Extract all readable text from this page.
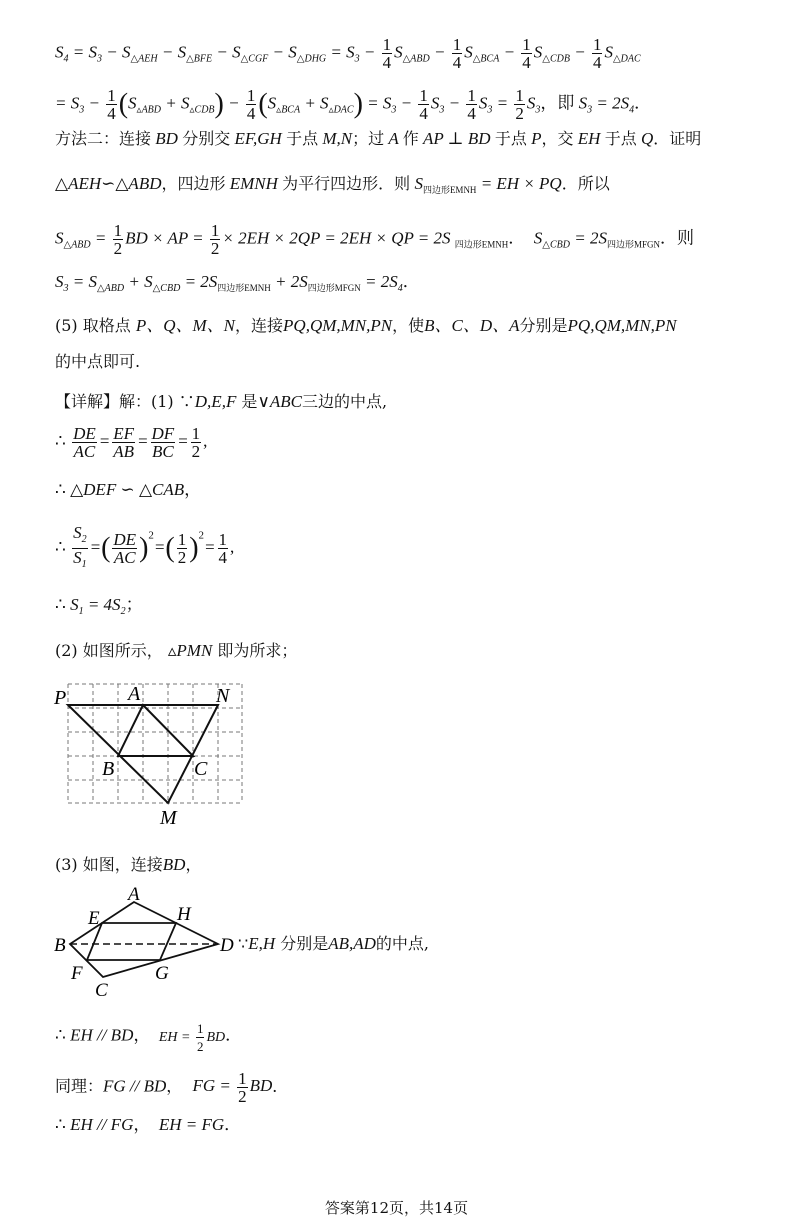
$S_4 = S_3 - S_{\triangle AEH} - S_{\triangle BFE} - S_{\triangle CGF} - S_{\triangle DHG} = S_3 - \frac{1}{4} S_{\triangle ABD} - \frac{1}{4} S_{\triangle BCA} - \frac{1}{4} S_{\triangle CDB} - \frac{1}{4} S_{\triangle DAC}$
= $S_3 - \frac{1}{4} (S_{▵ABD} + S_{▵CDB}) - \frac{1}{4} (S_{▵BCA} + S_{▵DAC}) = S_3 - \frac{1}{4} S_3 - \frac{1}{4} S_3 = \frac{1}{2} S_3$，即 $S_3 = 2S_4$．
方法二：连接 BD 分别交 EF,GH 于点 M,N；过 A 作 AP ⊥ BD 于点 P，交 EH 于点 Q．证明
△AEH∽△ABD，四边形 EMNH 为平行四边形．则 $S_{四边形EMNH}$ = EH × PQ．所以
$S_{\triangle ABD} = \frac{1}{2}$ BD × AP = $\frac{1}{2} \times 2EH \times 2QP = 2EH$ × QP = 2S $_{四边形EMNH}$．  $S_{\triangle CBD} = 2S_{四边形MFGN}$．则
$S_3 = S_{\triangle ABD} + S_{\triangle CBD} = 2S_{四边形EMNH} + 2S_{四边形MFGN} = 2S_4$．
(5) 取格点 P、Q、M、N，连接PQ,QM,MN,PN，使B、C、D、A分别是PQ,QM,MN,PN
的中点即可.
【详解】解：(1) ∵D,E,F 是∨ABC三边的中点,
∴ $\frac{DE}{AC} = \frac{EF}{AB} = \frac{DF}{BC} = \frac{1}{2}$ ,
∴ △DEF ∽ △CAB，
∴ $\frac{S_2}{S_1}$ =( $\frac{DE}{AC} )^2=( \frac{1}{2} )^2= \frac{1}{4}$ ,
∴ $S_1 = 4S_2$；
(2) 如图所示， ▵PMN 即为所求；
P	A	N
B	C
M
(3) 如图，连接BD，
A
E	H
B	D
F	G
C
∵E,H 分别是AB,AD的中点,
∴ EH // BD， EH = $\frac{1}{2}$ BD．
同理：FG // BD，  FG = $\frac{1}{2}$ BD．
∴ EH // FG，  EH = FG．
答案第12页，共14页
